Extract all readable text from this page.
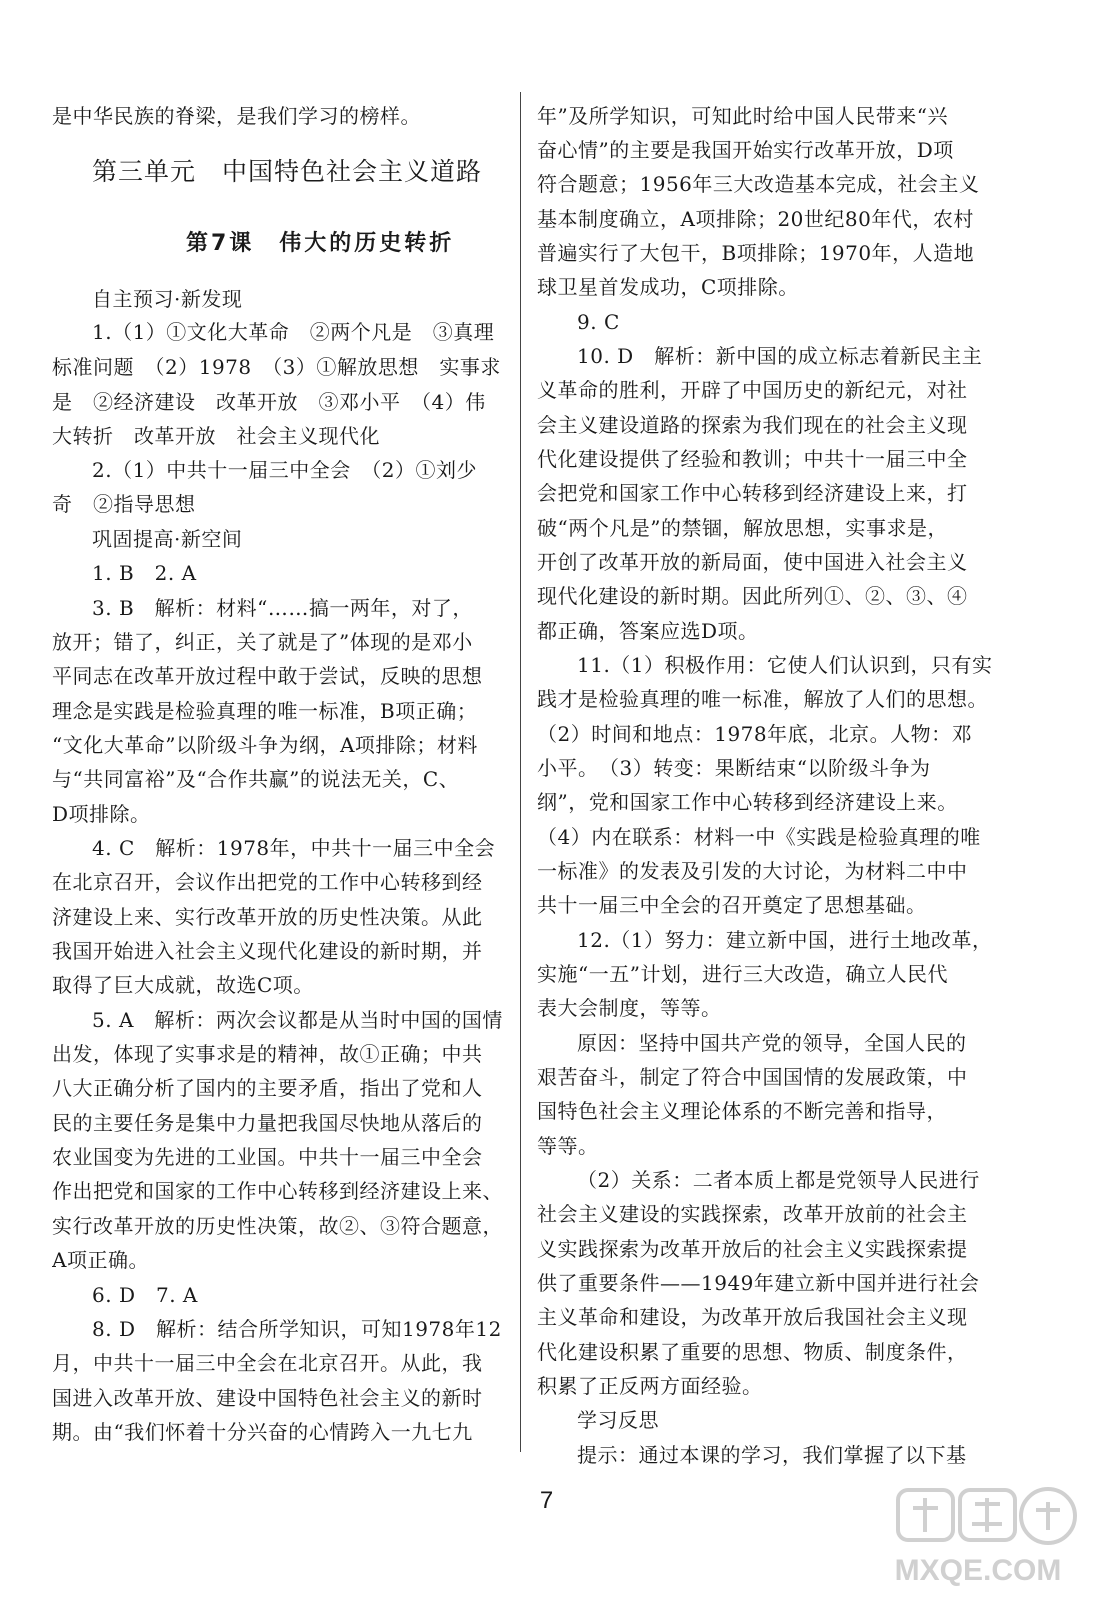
第三单元　中国特色社会主义道路
第7课　伟大的历史转折
是中华民族的脊梁，是我们学习的榜样。
自主预习·新发现
1.（1）①文化大革命　②两个凡是　③真理
标准问题　（2）1978　（3）①解放思想　实事求
是　②经济建设　改革开放　③邓小平　（4）伟
大转折　改革开放　社会主义现代化
2.（1）中共十一届三中全会　（2）①刘少
奇　②指导思想
巩固提高·新空间
1. B　2. A
3. B　解析：材料“……搞一两年，对了，
放开；错了，纠正，关了就是了”体现的是邓小
平同志在改革开放过程中敢于尝试，反映的思想
理念是实践是检验真理的唯一标准，B项正确；
“文化大革命”以阶级斗争为纲，A项排除；材料
与“共同富裕”及“合作共赢”的说法无关，C、
D项排除。
4. C　解析：1978年，中共十一届三中全会
在北京召开，会议作出把党的工作中心转移到经
济建设上来、实行改革开放的历史性决策。从此
我国开始进入社会主义现代化建设的新时期，并
取得了巨大成就，故选C项。
5. A　解析：两次会议都是从当时中国的国情
出发，体现了实事求是的精神，故①正确；中共
八大正确分析了国内的主要矛盾，指出了党和人
民的主要任务是集中力量把我国尽快地从落后的
农业国变为先进的工业国。中共十一届三中全会
作出把党和国家的工作中心转移到经济建设上来、
实行改革开放的历史性决策，故②、③符合题意，
A项正确。
6. D　7. A
8. D　解析：结合所学知识，可知1978年12
月，中共十一届三中全会在北京召开。从此，我
国进入改革开放、建设中国特色社会主义的新时
期。由“我们怀着十分兴奋的心情跨入一九七九
年”及所学知识，可知此时给中国人民带来“兴
奋心情”的主要是我国开始实行改革开放，D项
符合题意；1956年三大改造基本完成，社会主义
基本制度确立，A项排除；20世纪80年代，农村
普遍实行了大包干，B项排除；1970年，人造地
球卫星首发成功，C项排除。
9. C
10. D　解析：新中国的成立标志着新民主主
义革命的胜利，开辟了中国历史的新纪元，对社
会主义建设道路的探索为我们现在的社会主义现
代化建设提供了经验和教训；中共十一届三中全
会把党和国家工作中心转移到经济建设上来，打
破“两个凡是”的禁锢，解放思想，实事求是，
开创了改革开放的新局面，使中国进入社会主义
现代化建设的新时期。因此所列①、②、③、④
都正确，答案应选D项。
11.（1）积极作用：它使人们认识到，只有实
践才是检验真理的唯一标准，解放了人们的思想。
（2）时间和地点：1978年底，北京。人物：邓
小平。　（3）转变：果断结束“以阶级斗争为
纲”，党和国家工作中心转移到经济建设上来。
（4）内在联系：材料一中《实践是检验真理的唯
一标准》的发表及引发的大讨论，为材料二中中
共十一届三中全会的召开奠定了思想基础。
12.（1）努力：建立新中国，进行土地改革，
实施“一五”计划，进行三大改造，确立人民代
表大会制度，等等。
原因：坚持中国共产党的领导，全国人民的
艰苦奋斗，制定了符合中国国情的发展政策，中
国特色社会主义理论体系的不断完善和指导，
等等。
（2）关系：二者本质上都是党领导人民进行
社会主义建设的实践探索，改革开放前的社会主
义实践探索为改革开放后的社会主义实践探索提
供了重要条件——1949年建立新中国并进行社会
主义革命和建设，为改革开放后我国社会主义现
代化建设积累了重要的思想、物质、制度条件，
积累了正反两方面经验。
学习反思
提示：通过本课的学习，我们掌握了以下基
7
MXQE.COM
